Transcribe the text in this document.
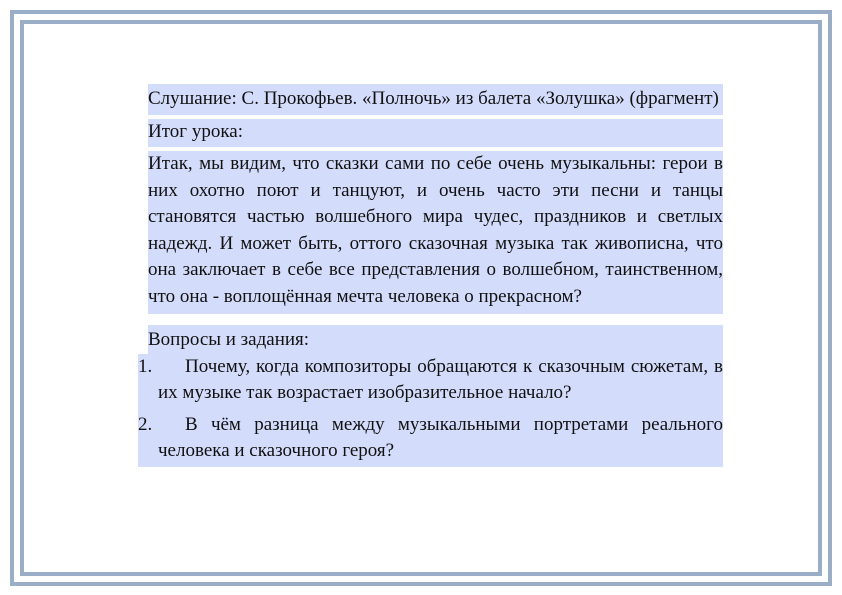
Слушание: С. Прокофьев. «Полночь» из балета «Золушка» (фрагмент)

Итог урока:

Итак, мы видим, что сказки сами по себе очень музыкальны: герои в них охотно поют и танцуют, и очень часто эти песни и танцы становятся частью волшебного мира чудес, праздников и светлых надежд. И может быть, оттого сказочная музыка так живописна, что она заключает в себе все представления о волшебном, таинственном, что она - воплощённая мечта человека о прекрасном?

Вопросы и задания:

1.	Почему, когда композиторы обращаются к сказочным сюжетам, в их музыке так возрастает изобразительное начало?
2.	В чём разница между музыкальными портретами реального человека и сказочного героя?
